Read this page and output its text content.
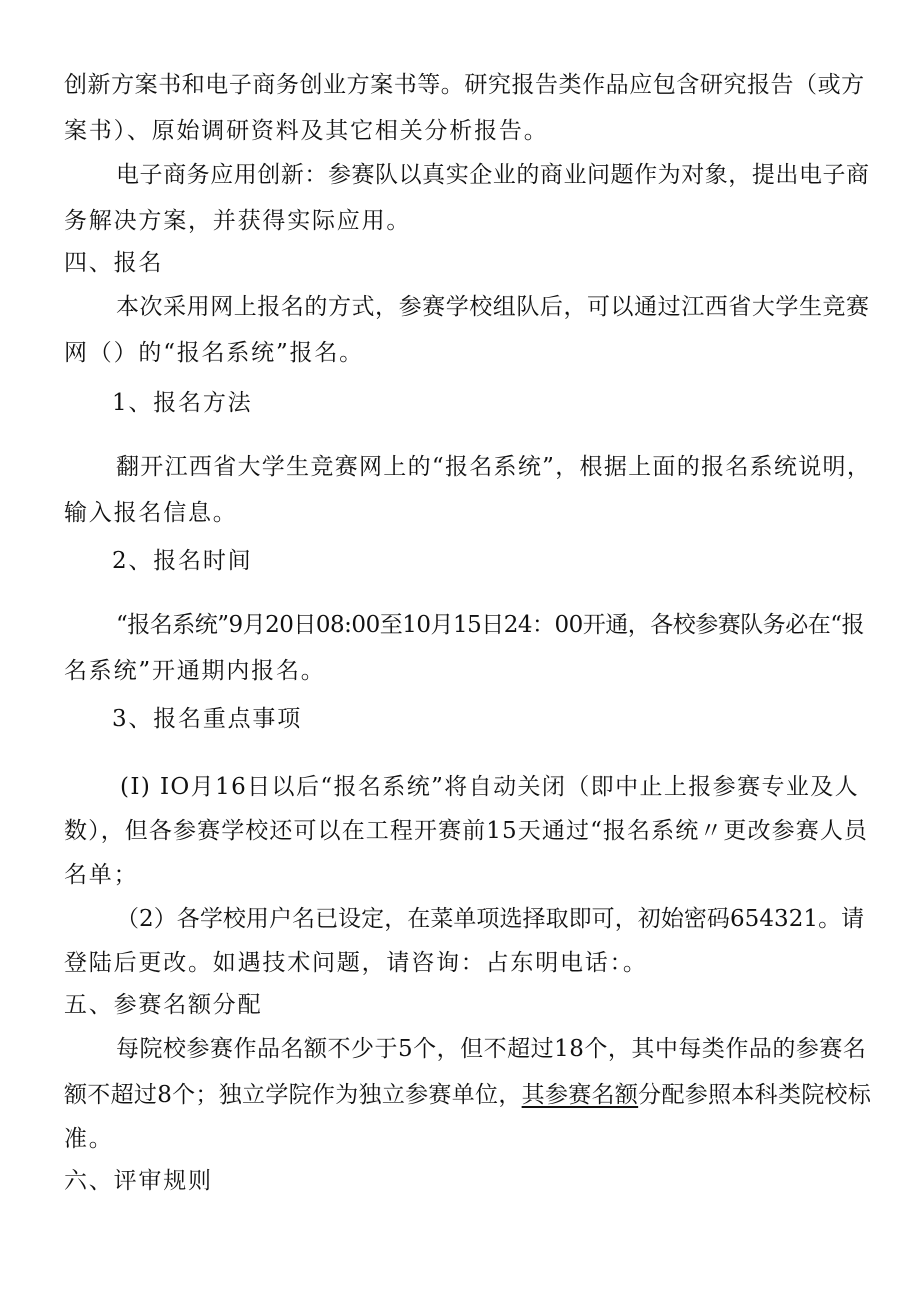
创新方案书和电子商务创业方案书等。研究报告类作品应包含研究报告（或方
案书）、原始调研资料及其它相关分析报告。
电子商务应用创新：参赛队以真实企业的商业问题作为对象，提出电子商
务解决方案，并获得实际应用。
四、报名
本次采用网上报名的方式，参赛学校组队后，可以通过江西省大学生竞赛
网（）的“报名系统”报名。
1、报名方法
翻开江西省大学生竞赛网上的“报名系统”，根据上面的报名系统说明，
输入报名信息。
2、报名时间
“报名系统”9月20日08:00至10月15日24：00开通，各校参赛队务必在“报
名系统”开通期内报名。
3、报名重点事项
(I) IO月16日以后“报名系统”将自动关闭（即中止上报参赛专业及人
数），但各参赛学校还可以在工程开赛前15天通过“报名系统〃更改参赛人员
名单；
（2）各学校用户名已设定，在菜单项选择取即可，初始密码654321。请
登陆后更改。如遇技术问题，请咨询：占东明电话：。
五、参赛名额分配
每院校参赛作品名额不少于5个，但不超过18个，其中每类作品的参赛名
额不超过8个；独立学院作为独立参赛单位，其参赛名额分配参照本科类院校标
准。
六、评审规则
